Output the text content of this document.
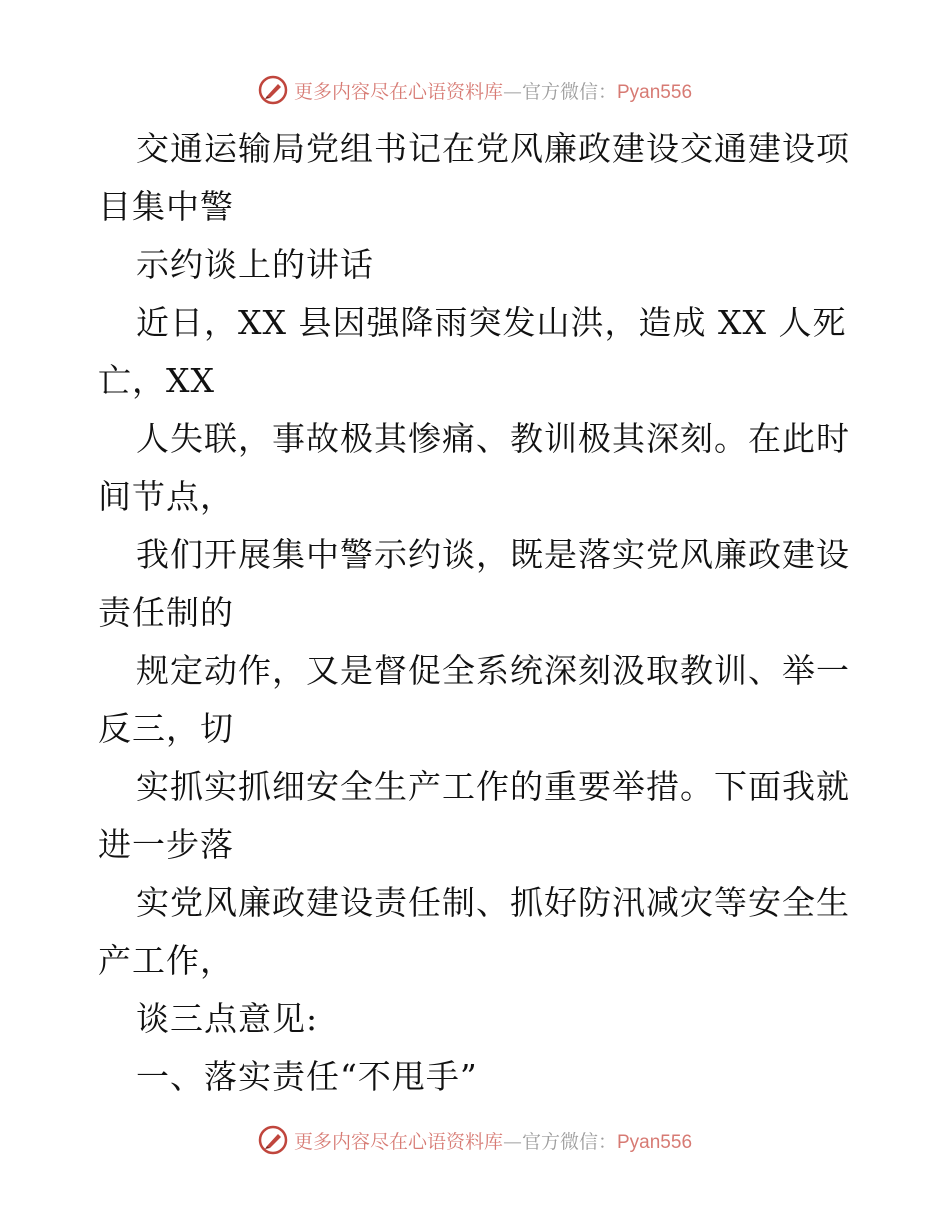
更多内容尽在心语资料库—官方微信：Pyan556
交通运输局党组书记在党风廉政建设交通建设项
目集中警
示约谈上的讲话
近日，XX 县因强降雨突发山洪，造成 XX 人死
亡，XX
人失联，事故极其惨痛、教训极其深刻。在此时
间节点，
我们开展集中警示约谈，既是落实党风廉政建设
责任制的
规定动作，又是督促全系统深刻汲取教训、举一
反三，切
实抓实抓细安全生产工作的重要举措。下面我就
进一步落
实党风廉政建设责任制、抓好防汛减灾等安全生
产工作，
谈三点意见:
一、落实责任“不甩手”
更多内容尽在心语资料库—官方微信：Pyan556
